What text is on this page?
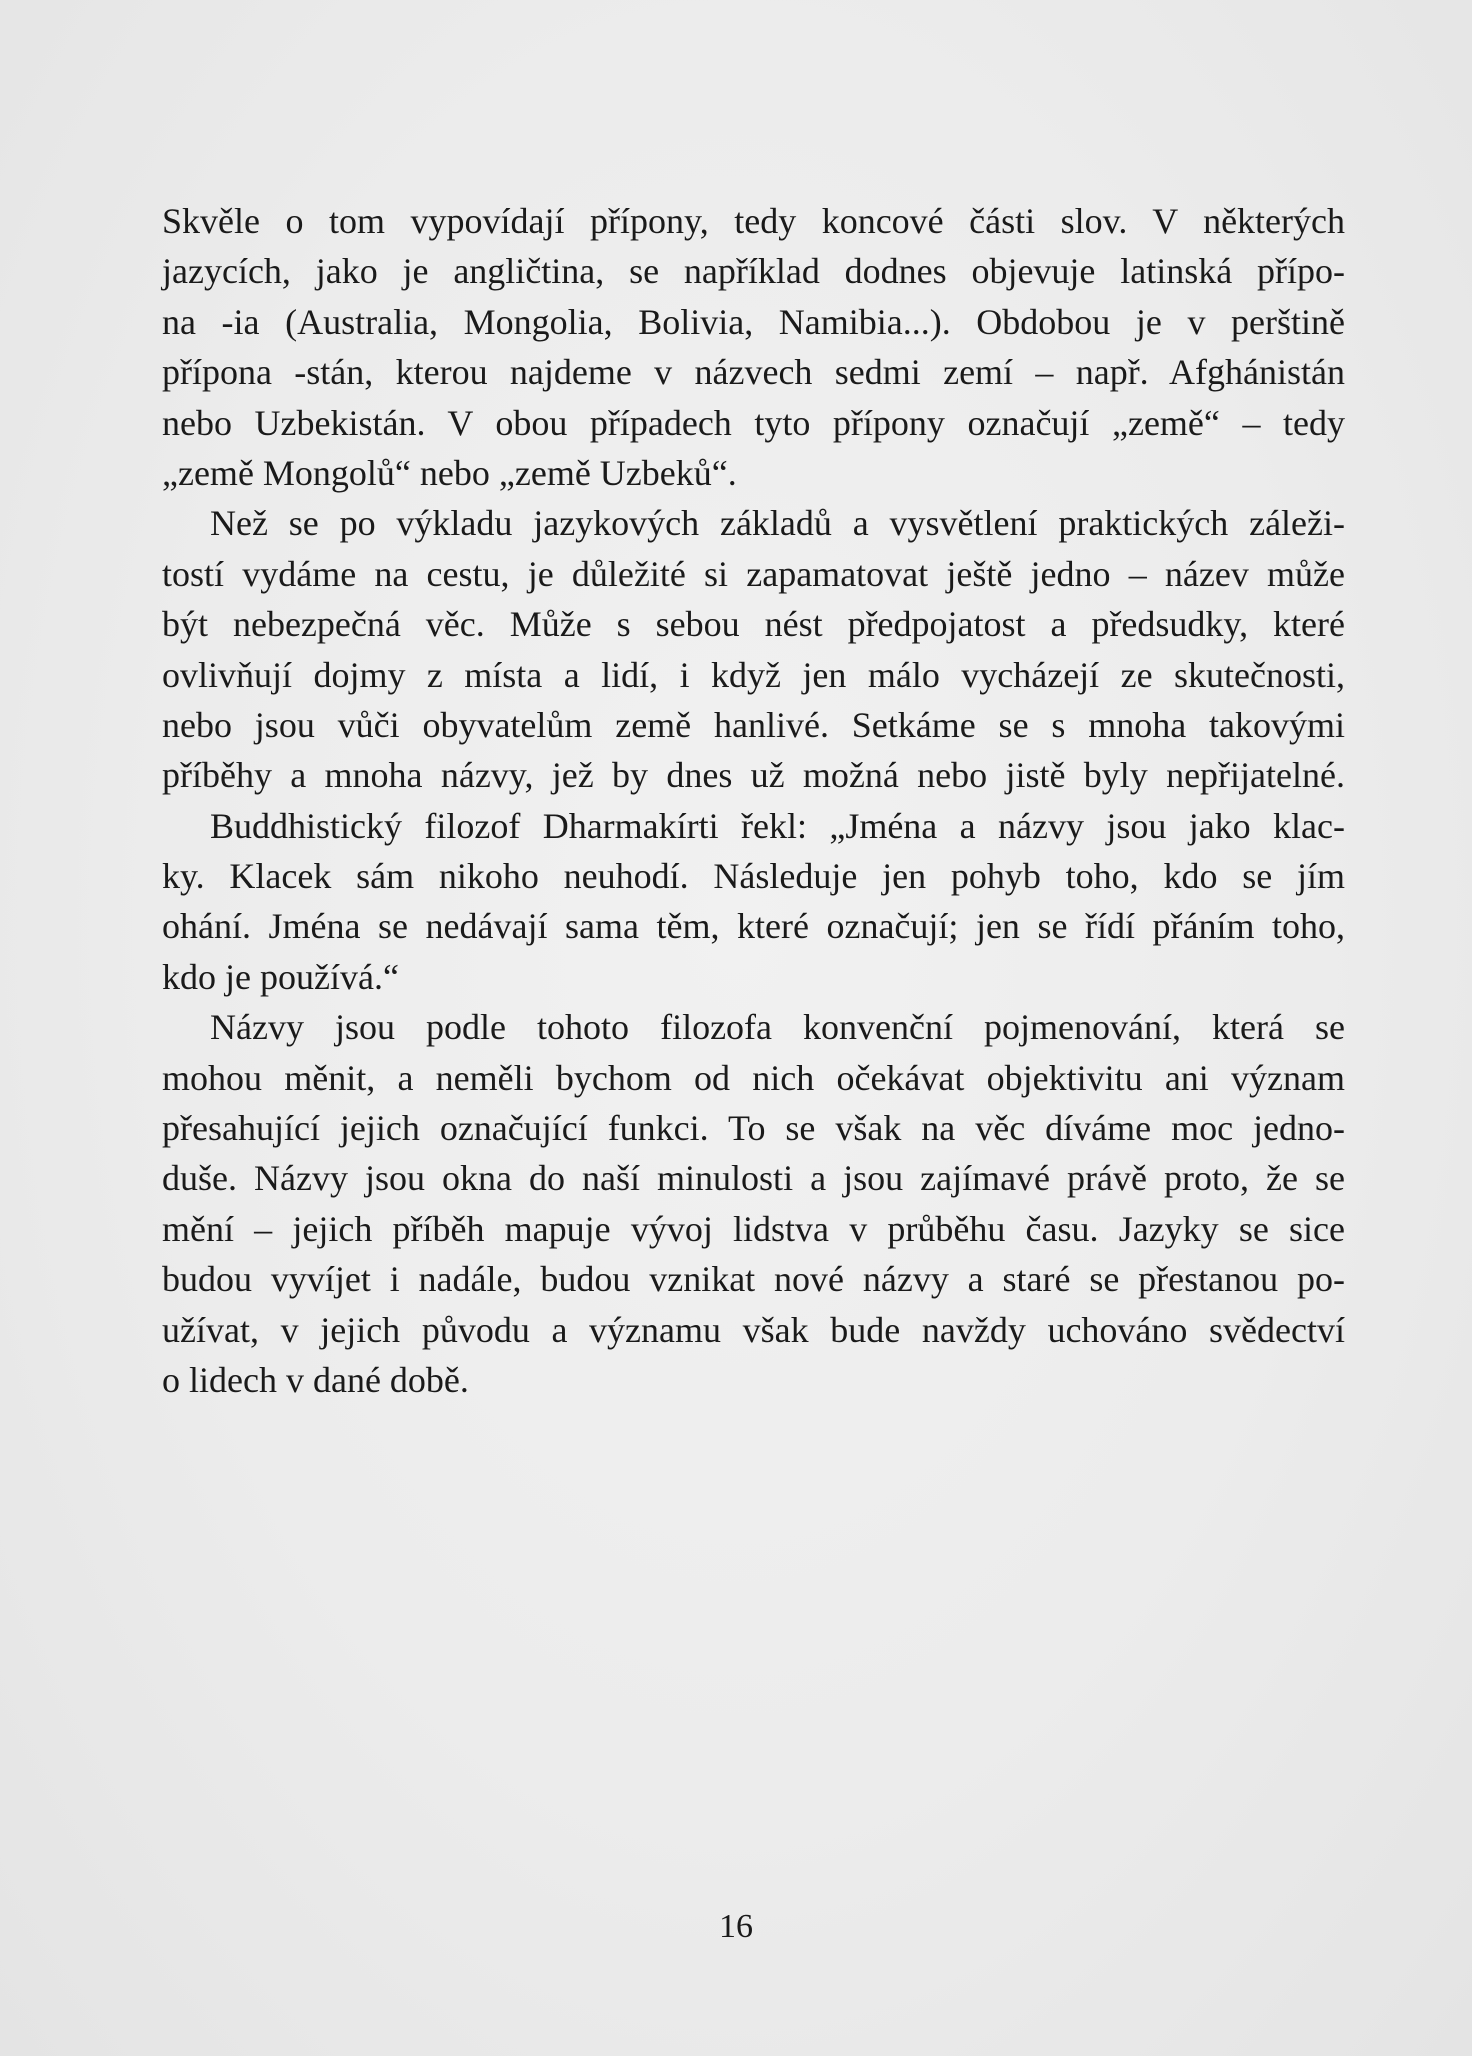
Skvěle o tom vypovídají přípony, tedy koncové části slov. V některých
jazycích, jako je angličtina, se například dodnes objevuje latinská přípo-
na -ia (Australia, Mongolia, Bolivia, Namibia...). Obdobou je v perštině
přípona -stán, kterou najdeme v názvech sedmi zemí – např. Afghánistán
nebo Uzbekistán. V obou případech tyto přípony označují „země“ – tedy
„země Mongolů“ nebo „země Uzbeků“.
Než se po výkladu jazykových základů a vysvětlení praktických záleži-
tostí vydáme na cestu, je důležité si zapamatovat ještě jedno – název může
být nebezpečná věc. Může s sebou nést předpojatost a předsudky, které
ovlivňují dojmy z místa a lidí, i když jen málo vycházejí ze skutečnosti,
nebo jsou vůči obyvatelům země hanlivé. Setkáme se s mnoha takovými
příběhy a mnoha názvy, jež by dnes už možná nebo jistě byly nepřijatelné.
Buddhistický filozof Dharmakírti řekl: „Jména a názvy jsou jako klac-
ky. Klacek sám nikoho neuhodí. Následuje jen pohyb toho, kdo se jím
ohání. Jména se nedávají sama těm, které označují; jen se řídí přáním toho,
kdo je používá.“
Názvy jsou podle tohoto filozofa konvenční pojmenování, která se
mohou měnit, a neměli bychom od nich očekávat objektivitu ani význam
přesahující jejich označující funkci. To se však na věc díváme moc jedno-
duše. Názvy jsou okna do naší minulosti a jsou zajímavé právě proto, že se
mění – jejich příběh mapuje vývoj lidstva v průběhu času. Jazyky se sice
budou vyvíjet i nadále, budou vznikat nové názvy a staré se přestanou po-
užívat, v jejich původu a významu však bude navždy uchováno svědectví
o lidech v dané době.
16
